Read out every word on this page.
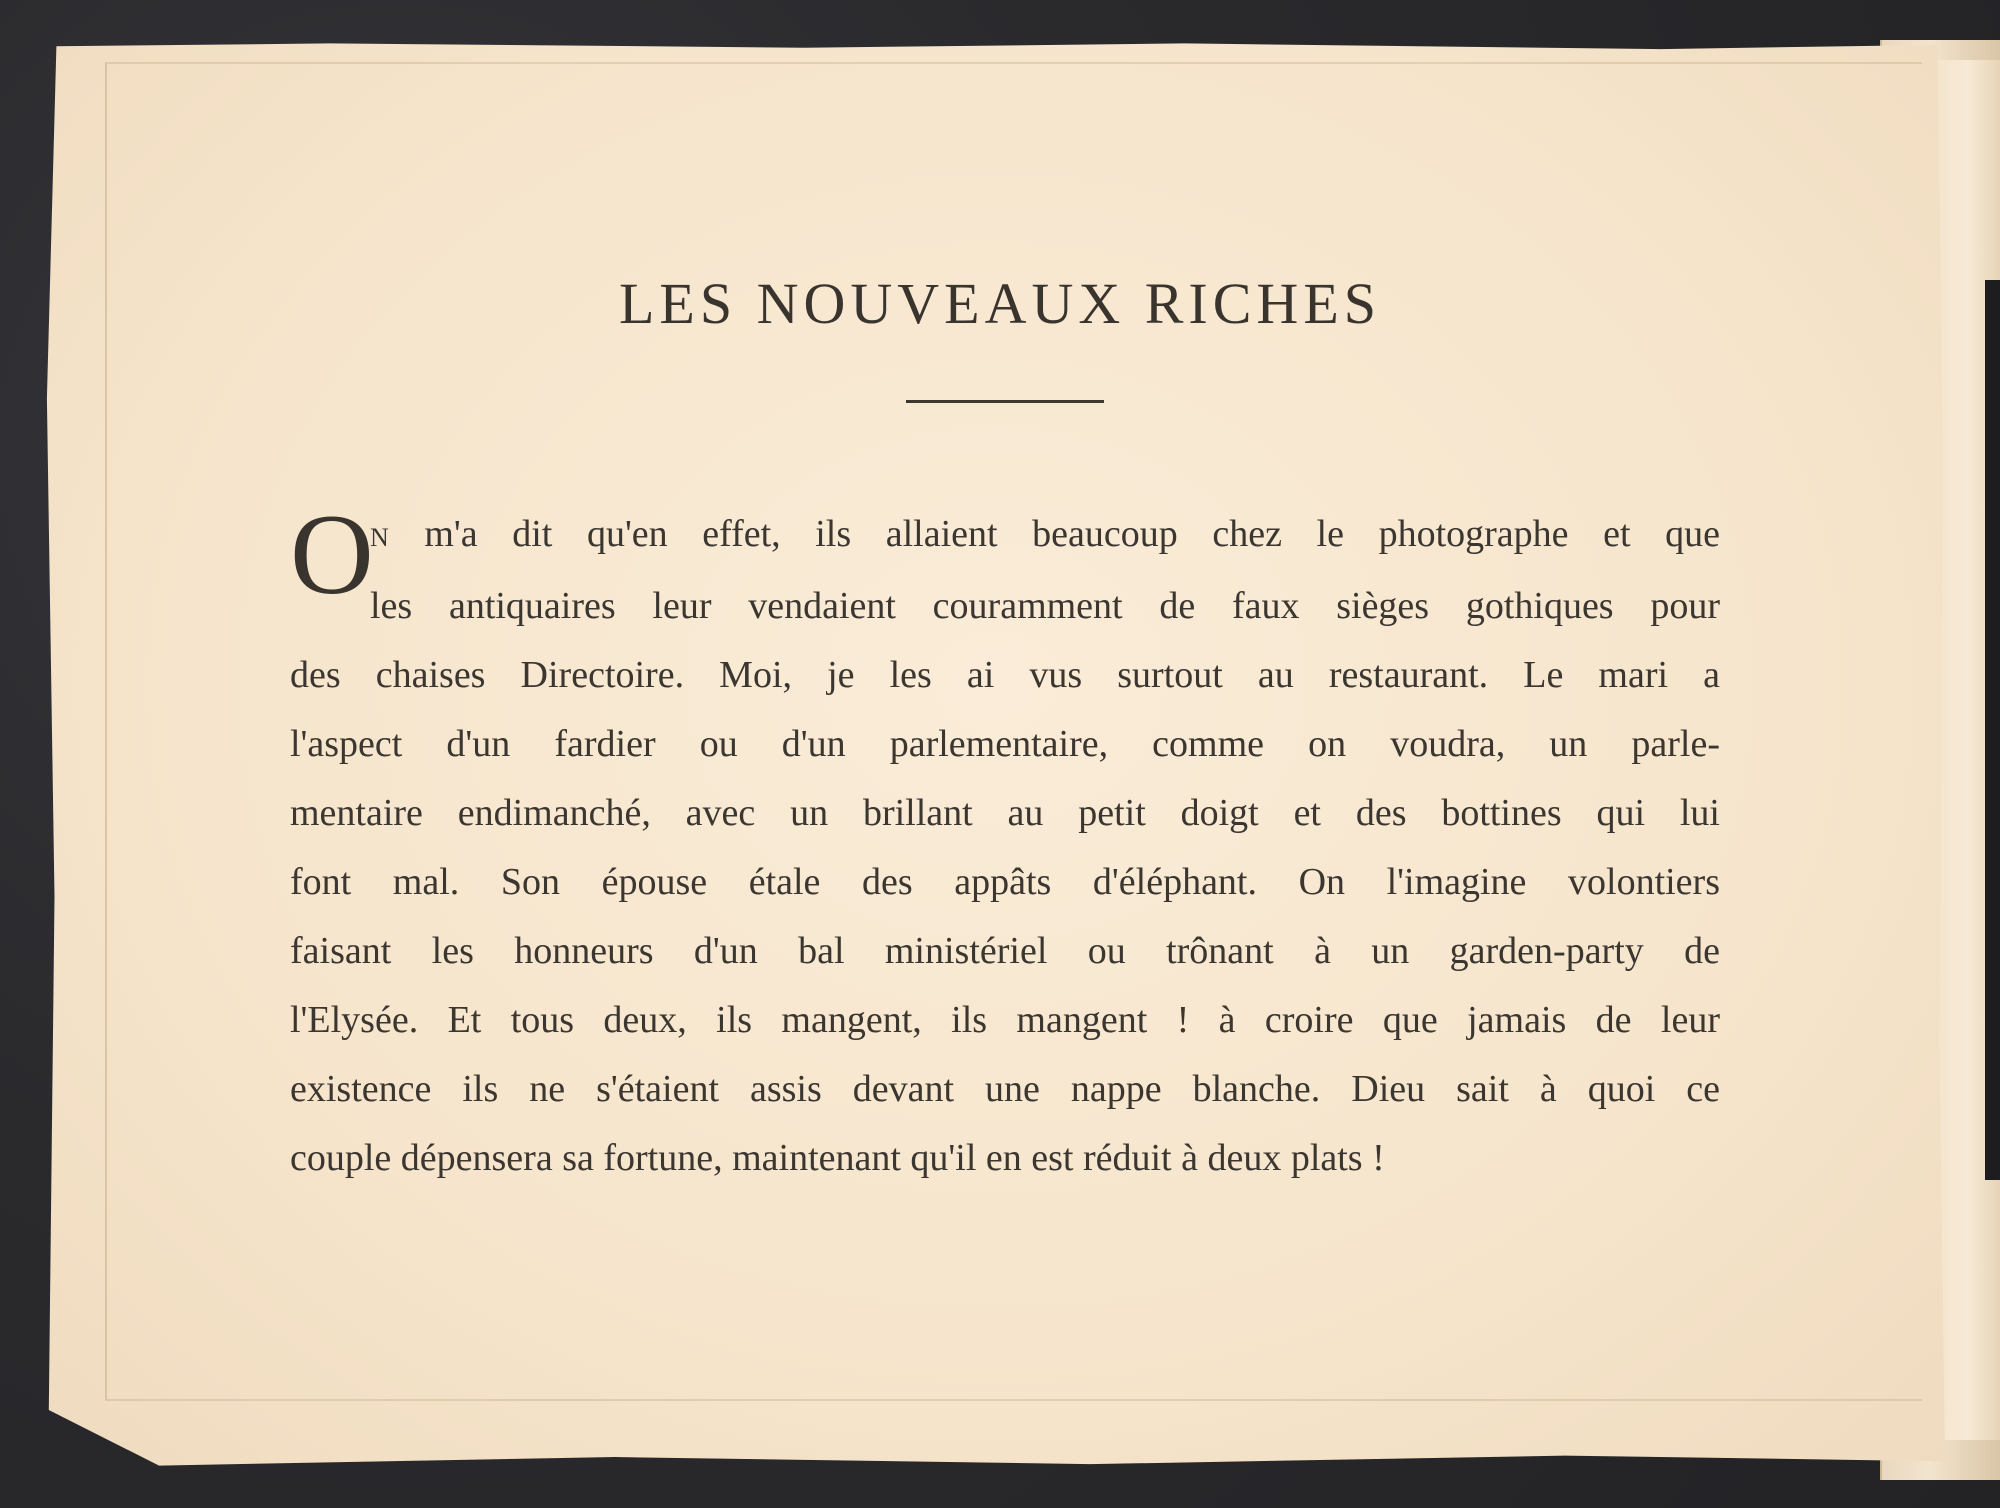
LES NOUVEAUX RICHES
O
N m'a dit qu'en effet, ils allaient beaucoup chez le photographe et que
les antiquaires leur vendaient couramment de faux sièges gothiques pour
des chaises Directoire. Moi, je les ai vus surtout au restaurant. Le mari a
l'aspect d'un fardier ou d'un parlementaire, comme on voudra, un parle-
mentaire endimanché, avec un brillant au petit doigt et des bottines qui lui
font mal. Son épouse étale des appâts d'éléphant. On l'imagine volontiers
faisant les honneurs d'un bal ministériel ou trônant à un garden-party de
l'Elysée. Et tous deux, ils mangent, ils mangent ! à croire que jamais de leur
existence ils ne s'étaient assis devant une nappe blanche. Dieu sait à quoi ce
couple dépensera sa fortune, maintenant qu'il en est réduit à deux plats !
